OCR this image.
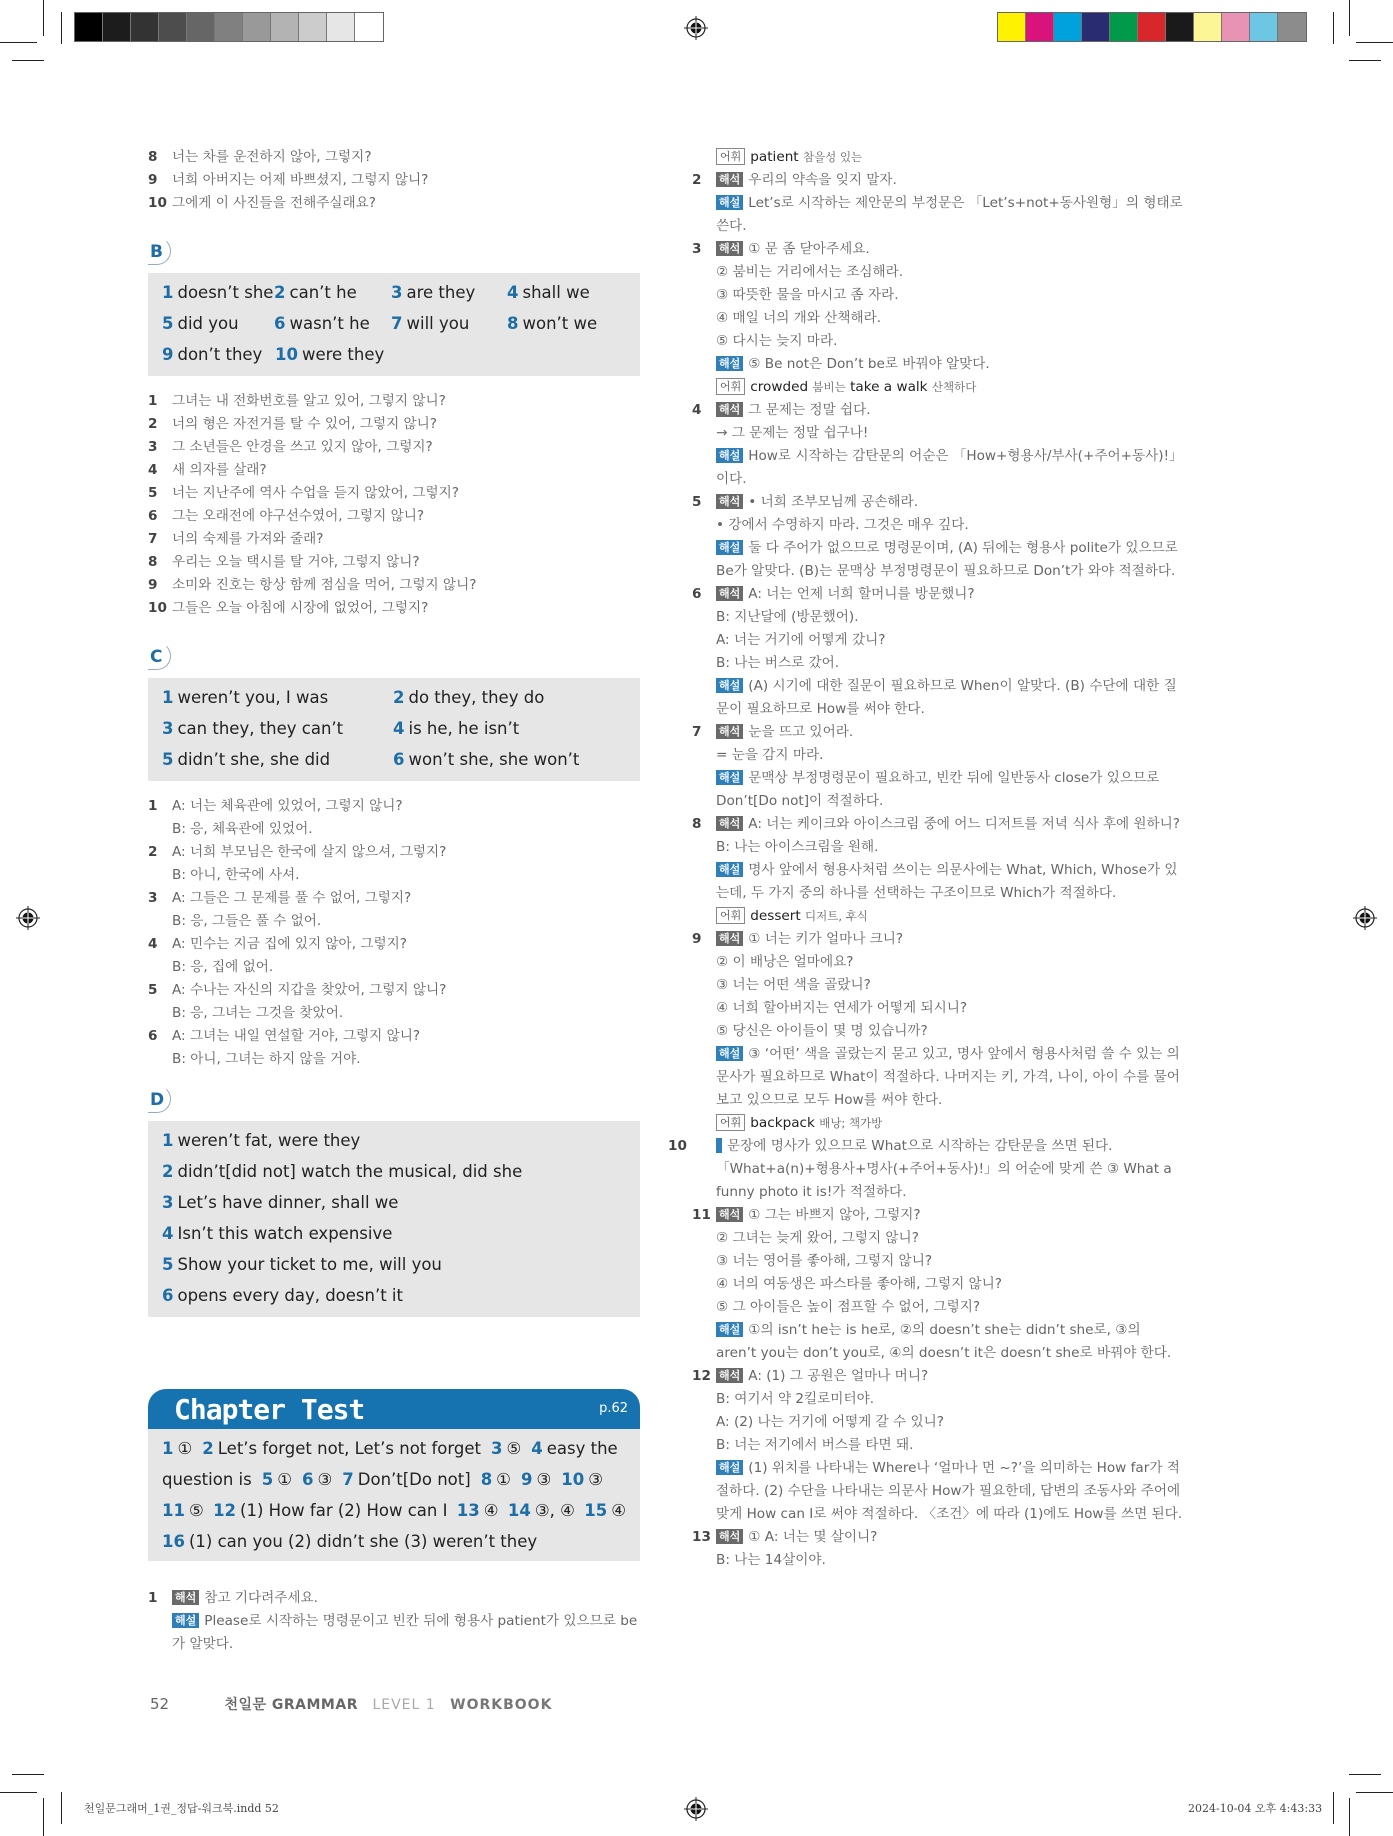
8 너는 차를 운전하지 않아, 그렇지?
9 너희 아버지는 어제 바쁘셨지, 그렇지 않니?
10 그에게 이 사진들을 전해주실래요?
B
1 doesn’t she 2 can’t he	3 are they	4 shall we
5 did you	6 wasn’t he	7 will you	8 won’t we
9 don’t they 10 were they
1 그녀는 내 전화번호를 알고 있어, 그렇지 않니?
2 너의 형은 자전거를 탈 수 있어, 그렇지 않니?
3 그 소년들은 안경을 쓰고 있지 않아, 그렇지?
4 새 의자를 살래?
5 너는 지난주에 역사 수업을 듣지 않았어, 그렇지?
6 그는 오래전에 야구선수였어, 그렇지 않니?
7 너의 숙제를 가져와 줄래?
8 우리는 오늘 택시를 탈 거야, 그렇지 않니?
9 소미와 진호는 항상 함께 점심을 먹어, 그렇지 않니?
10 그들은 오늘 아침에 시장에 없었어, 그렇지?
C
1 weren’t you, I was	2 do they, they do
3 can they, they can’t	4 is he, he isn’t
5 didn’t she, she did	6 won’t she, she won’t
1 A: 너는 체육관에 있었어, 그렇지 않니?
B: 응, 체육관에 있었어.
2 A: 너희 부모님은 한국에 살지 않으셔, 그렇지?
B: 아니, 한국에 사셔.
3 A: 그들은 그 문제를 풀 수 없어, 그렇지?
B: 응, 그들은 풀 수 없어.
4 A: 민수는 지금 집에 있지 않아, 그렇지?
B: 응, 집에 없어.
5 A: 수나는 자신의 지갑을 찾았어, 그렇지 않니?
B: 응, 그녀는 그것을 찾았어.
6 A: 그녀는 내일 연설할 거야, 그렇지 않니?
B: 아니, 그녀는 하지 않을 거야.
D
1 weren’t fat, were they
2 didn’t[did not] watch the musical, did she
3 Let’s have dinner, shall we
4 Isn’t this watch expensive
5 Show your ticket to me, will you
6 opens every day, doesn’t it
Chapter Test	p.62
1 ① 2 Let’s forget not, Let’s not forget 3 ⑤ 4 easy the
question is 5 ① 6 ③ 7 Don’t[Do not] 8 ① 9 ③ 10 ③
11 ⑤ 12 (1) How far (2) How can I 13 ④ 14 ③, ④ 15 ④
16 (1) can you (2) didn’t she (3) weren’t they
1 해석 참고 기다려주세요.
해설 Please로 시작하는 명령문이고 빈칸 뒤에 형용사 patient가 있으므로 be가 알맞다.
어휘 patient 참을성 있는
2 해석 우리의 약속을 잊지 말자.
해설 Let’s로 시작하는 제안문의 부정문은 「Let’s+not+동사원형」의 형태로 쓴다.
3 해석 ① 문 좀 닫아주세요.
② 붐비는 거리에서는 조심해라.
③ 따뜻한 물을 마시고 좀 자라.
④ 매일 너의 개와 산책해라.
⑤ 다시는 늦지 마라.
해설 ⑤ Be not은 Don’t be로 바꿔야 알맞다.
어휘 crowded 붐비는 take a walk 산책하다
4 해석 그 문제는 정말 쉽다.
→ 그 문제는 정말 쉽구나!
해설 How로 시작하는 감탄문의 어순은 「How+형용사/부사(+주어+동사)!」이다.
5 해석 • 너희 조부모님께 공손해라.
• 강에서 수영하지 마라. 그것은 매우 깊다.
해설 둘 다 주어가 없으므로 명령문이며, (A) 뒤에는 형용사 polite가 있으므로 Be가 알맞다. (B)는 문맥상 부정명령문이 필요하므로 Don’t가 와야 적절하다.
6 해석 A: 너는 언제 너희 할머니를 방문했니?
B: 지난달에 (방문했어).
A: 너는 거기에 어떻게 갔니?
B: 나는 버스로 갔어.
해설 (A) 시기에 대한 질문이 필요하므로 When이 알맞다. (B) 수단에 대한 질문이 필요하므로 How를 써야 한다.
7 해석 눈을 뜨고 있어라.
= 눈을 감지 마라.
해설 문맥상 부정명령문이 필요하고, 빈칸 뒤에 일반동사 close가 있으므로 Don’t[Do not]이 적절하다.
8 해석 A: 너는 케이크와 아이스크림 중에 어느 디저트를 저녁 식사 후에 원하니?
B: 나는 아이스크림을 원해.
해설 명사 앞에서 형용사처럼 쓰이는 의문사에는 What, Which, Whose가 있는데, 두 가지 중의 하나를 선택하는 구조이므로 Which가 적절하다.
어휘 dessert 디저트, 후식
9 해석 ① 너는 키가 얼마나 크니?
② 이 배낭은 얼마에요?
③ 너는 어떤 색을 골랐니?
④ 너희 할아버지는 연세가 어떻게 되시니?
⑤ 당신은 아이들이 몇 명 있습니까?
해설 ③ ‘어떤’ 색을 골랐는지 묻고 있고, 명사 앞에서 형용사처럼 쓸 수 있는 의문사가 필요하므로 What이 적절하다. 나머지는 키, 가격, 나이, 아이 수를 물어보고 있으므로 모두 How를 써야 한다.
어휘 backpack 배낭; 책가방
10 해설 문장에 명사가 있으므로 What으로 시작하는 감탄문을 쓰면 된다. 「What+a(n)+형용사+명사(+주어+동사)!」의 어순에 맞게 쓴 ③ What a funny photo it is!가 적절하다.
11 해석 ① 그는 바쁘지 않아, 그렇지?
② 그녀는 늦게 왔어, 그렇지 않니?
③ 너는 영어를 좋아해, 그렇지 않니?
④ 너의 여동생은 파스타를 좋아해, 그렇지 않니?
⑤ 그 아이들은 높이 점프할 수 없어, 그렇지?
해설 ①의 isn’t he는 is he로, ②의 doesn’t she는 didn’t she로, ③의 aren’t you는 don’t you로, ④의 doesn’t it은 doesn’t she로 바꿔야 한다.
12 해석 A: (1) 그 공원은 얼마나 머니?
B: 여기서 약 2킬로미터야.
A: (2) 나는 거기에 어떻게 갈 수 있니?
B: 너는 저기에서 버스를 타면 돼.
해설 (1) 위치를 나타내는 Where나 ‘얼마나 먼 ~?’을 의미하는 How far가 적절하다. (2) 수단을 나타내는 의문사 How가 필요한데, 답변의 조동사와 주어에 맞게 How can I로 써야 적절하다. 〈조건〉에 따라 (1)에도 How를 쓰면 된다.
13 해석 ① A: 너는 몇 살이니?
B: 나는 14살이야.
52	천일문 GRAMMAR LEVEL 1 WORKBOOK
천일문그래머_1권_정답-워크북.indd 52	2024-10-04 오후 4:43:33
